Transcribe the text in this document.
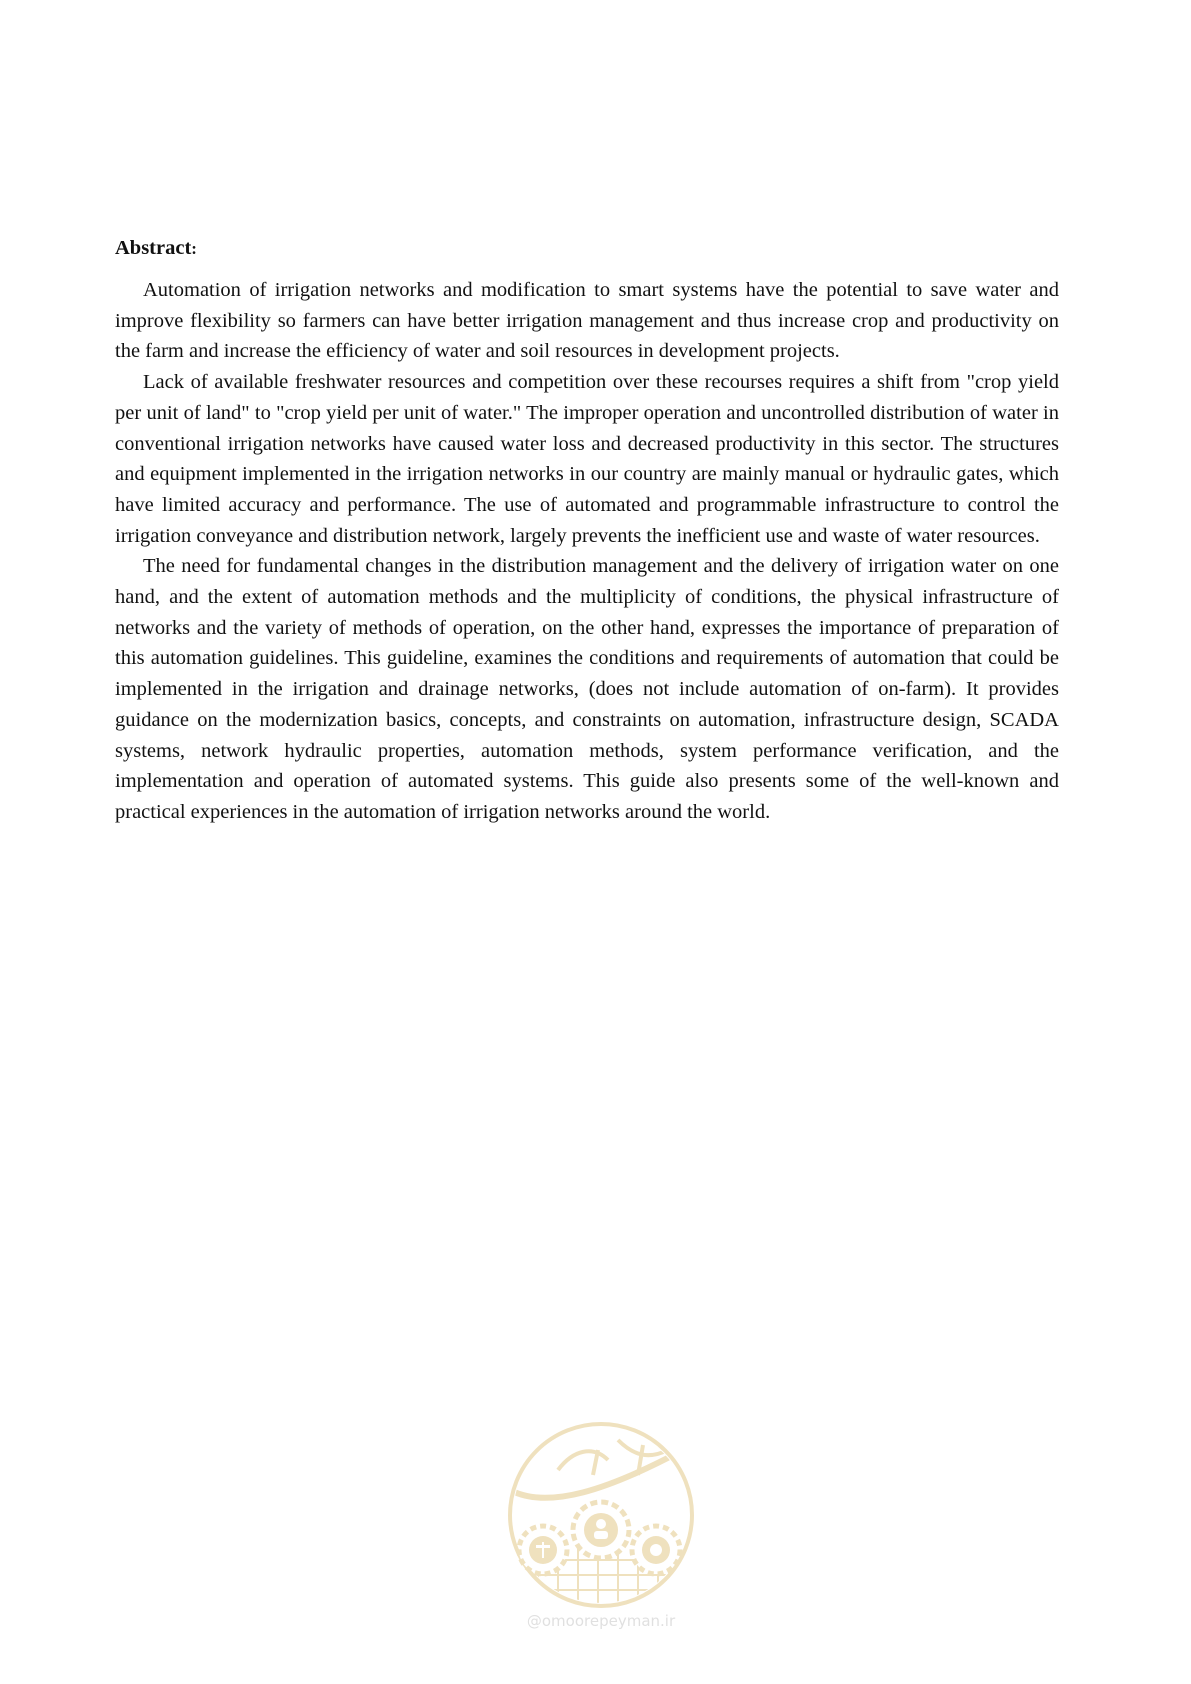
Abstract:

Automation of irrigation networks and modification to smart systems have the potential to save water and improve flexibility so farmers can have better irrigation management and thus increase crop and productivity on the farm and increase the efficiency of water and soil resources in development projects.

Lack of available freshwater resources and competition over these recourses requires a shift from "crop yield per unit of land" to "crop yield per unit of water." The improper operation and uncontrolled distribution of water in conventional irrigation networks have caused water loss and decreased productivity in this sector. The structures and equipment implemented in the irrigation networks in our country are mainly manual or hydraulic gates, which have limited accuracy and performance. The use of automated and programmable infrastructure to control the irrigation conveyance and distribution network, largely prevents the inefficient use and waste of water resources.

The need for fundamental changes in the distribution management and the delivery of irrigation water on one hand, and the extent of automation methods and the multiplicity of conditions, the physical infrastructure of networks and the variety of methods of operation, on the other hand, expresses the importance of preparation of this automation guidelines. This guideline, examines the conditions and requirements of automation that could be implemented in the irrigation and drainage networks, (does not include automation of on-farm). It provides guidance on the modernization basics, concepts, and constraints on automation, infrastructure design, SCADA systems, network hydraulic properties, automation methods, system performance verification, and the implementation and operation of automated systems. This guide also presents some of the well-known and practical experiences in the automation of irrigation networks around the world.

@omoorepeyman.ir
